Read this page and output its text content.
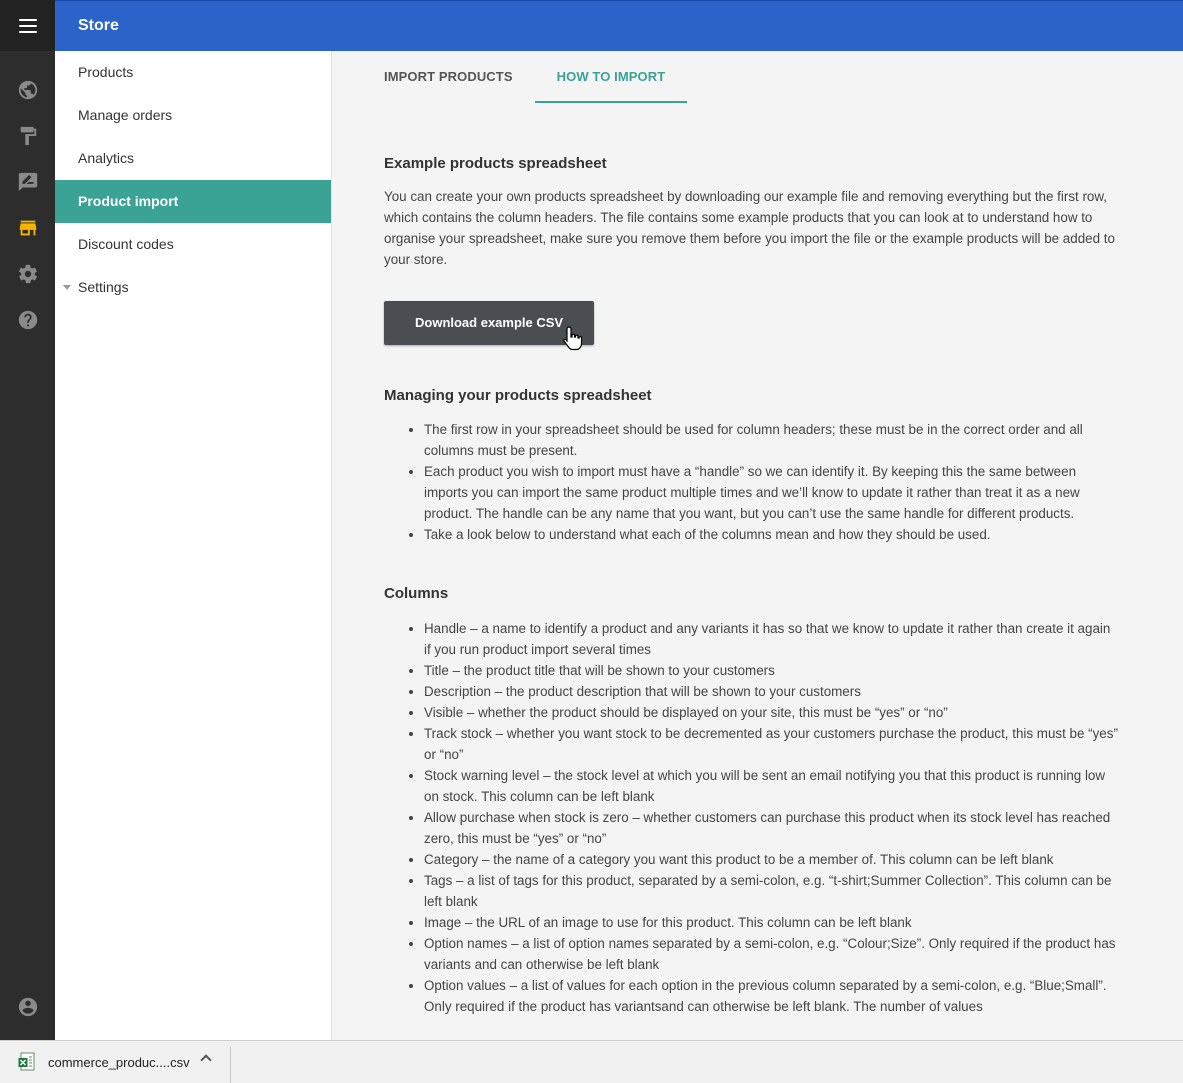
Store
Products
Manage orders
Analytics
Product import
Discount codes
Settings
IMPORT PRODUCTS	HOW TO IMPORT
Example products spreadsheet

You can create your own products spreadsheet by downloading our example file and removing everything but the first row, which contains the column headers. The file contains some example products that you can look at to understand how to organise your spreadsheet, make sure you remove them before you import the file or the example products will be added to your store.

Download example CSV
Managing your products spreadsheet
• The first row in your spreadsheet should be used for column headers; these must be in the correct order and all columns must be present.
• Each product you wish to import must have a “handle” so we can identify it. By keeping this the same between imports you can import the same product multiple times and we’ll know to update it rather than treat it as a new product. The handle can be any name that you want, but you can’t use the same handle for different products.
• Take a look below to understand what each of the columns mean and how they should be used.
Columns
• Handle – a name to identify a product and any variants it has so that we know to update it rather than create it again if you run product import several times
• Title – the product title that will be shown to your customers
• Description – the product description that will be shown to your customers
• Visible – whether the product should be displayed on your site, this must be “yes” or “no”
• Track stock – whether you want stock to be decremented as your customers purchase the product, this must be “yes” or “no”
• Stock warning level – the stock level at which you will be sent an email notifying you that this product is running low on stock. This column can be left blank
• Allow purchase when stock is zero – whether customers can purchase this product when its stock level has reached zero, this must be “yes” or “no”
• Category – the name of a category you want this product to be a member of. This column can be left blank
• Tags – a list of tags for this product, separated by a semi-colon, e.g. “t-shirt;Summer Collection”. This column can be left blank
• Image – the URL of an image to use for this product. This column can be left blank
• Option names – a list of option names separated by a semi-colon, e.g. “Colour;Size”. Only required if the product has variants and can otherwise be left blank
• Option values – a list of values for each option in the previous column separated by a semi-colon, e.g. “Blue;Small”. Only required if the product has variantsand can otherwise be left blank. The number of values
commerce_produc....csv
